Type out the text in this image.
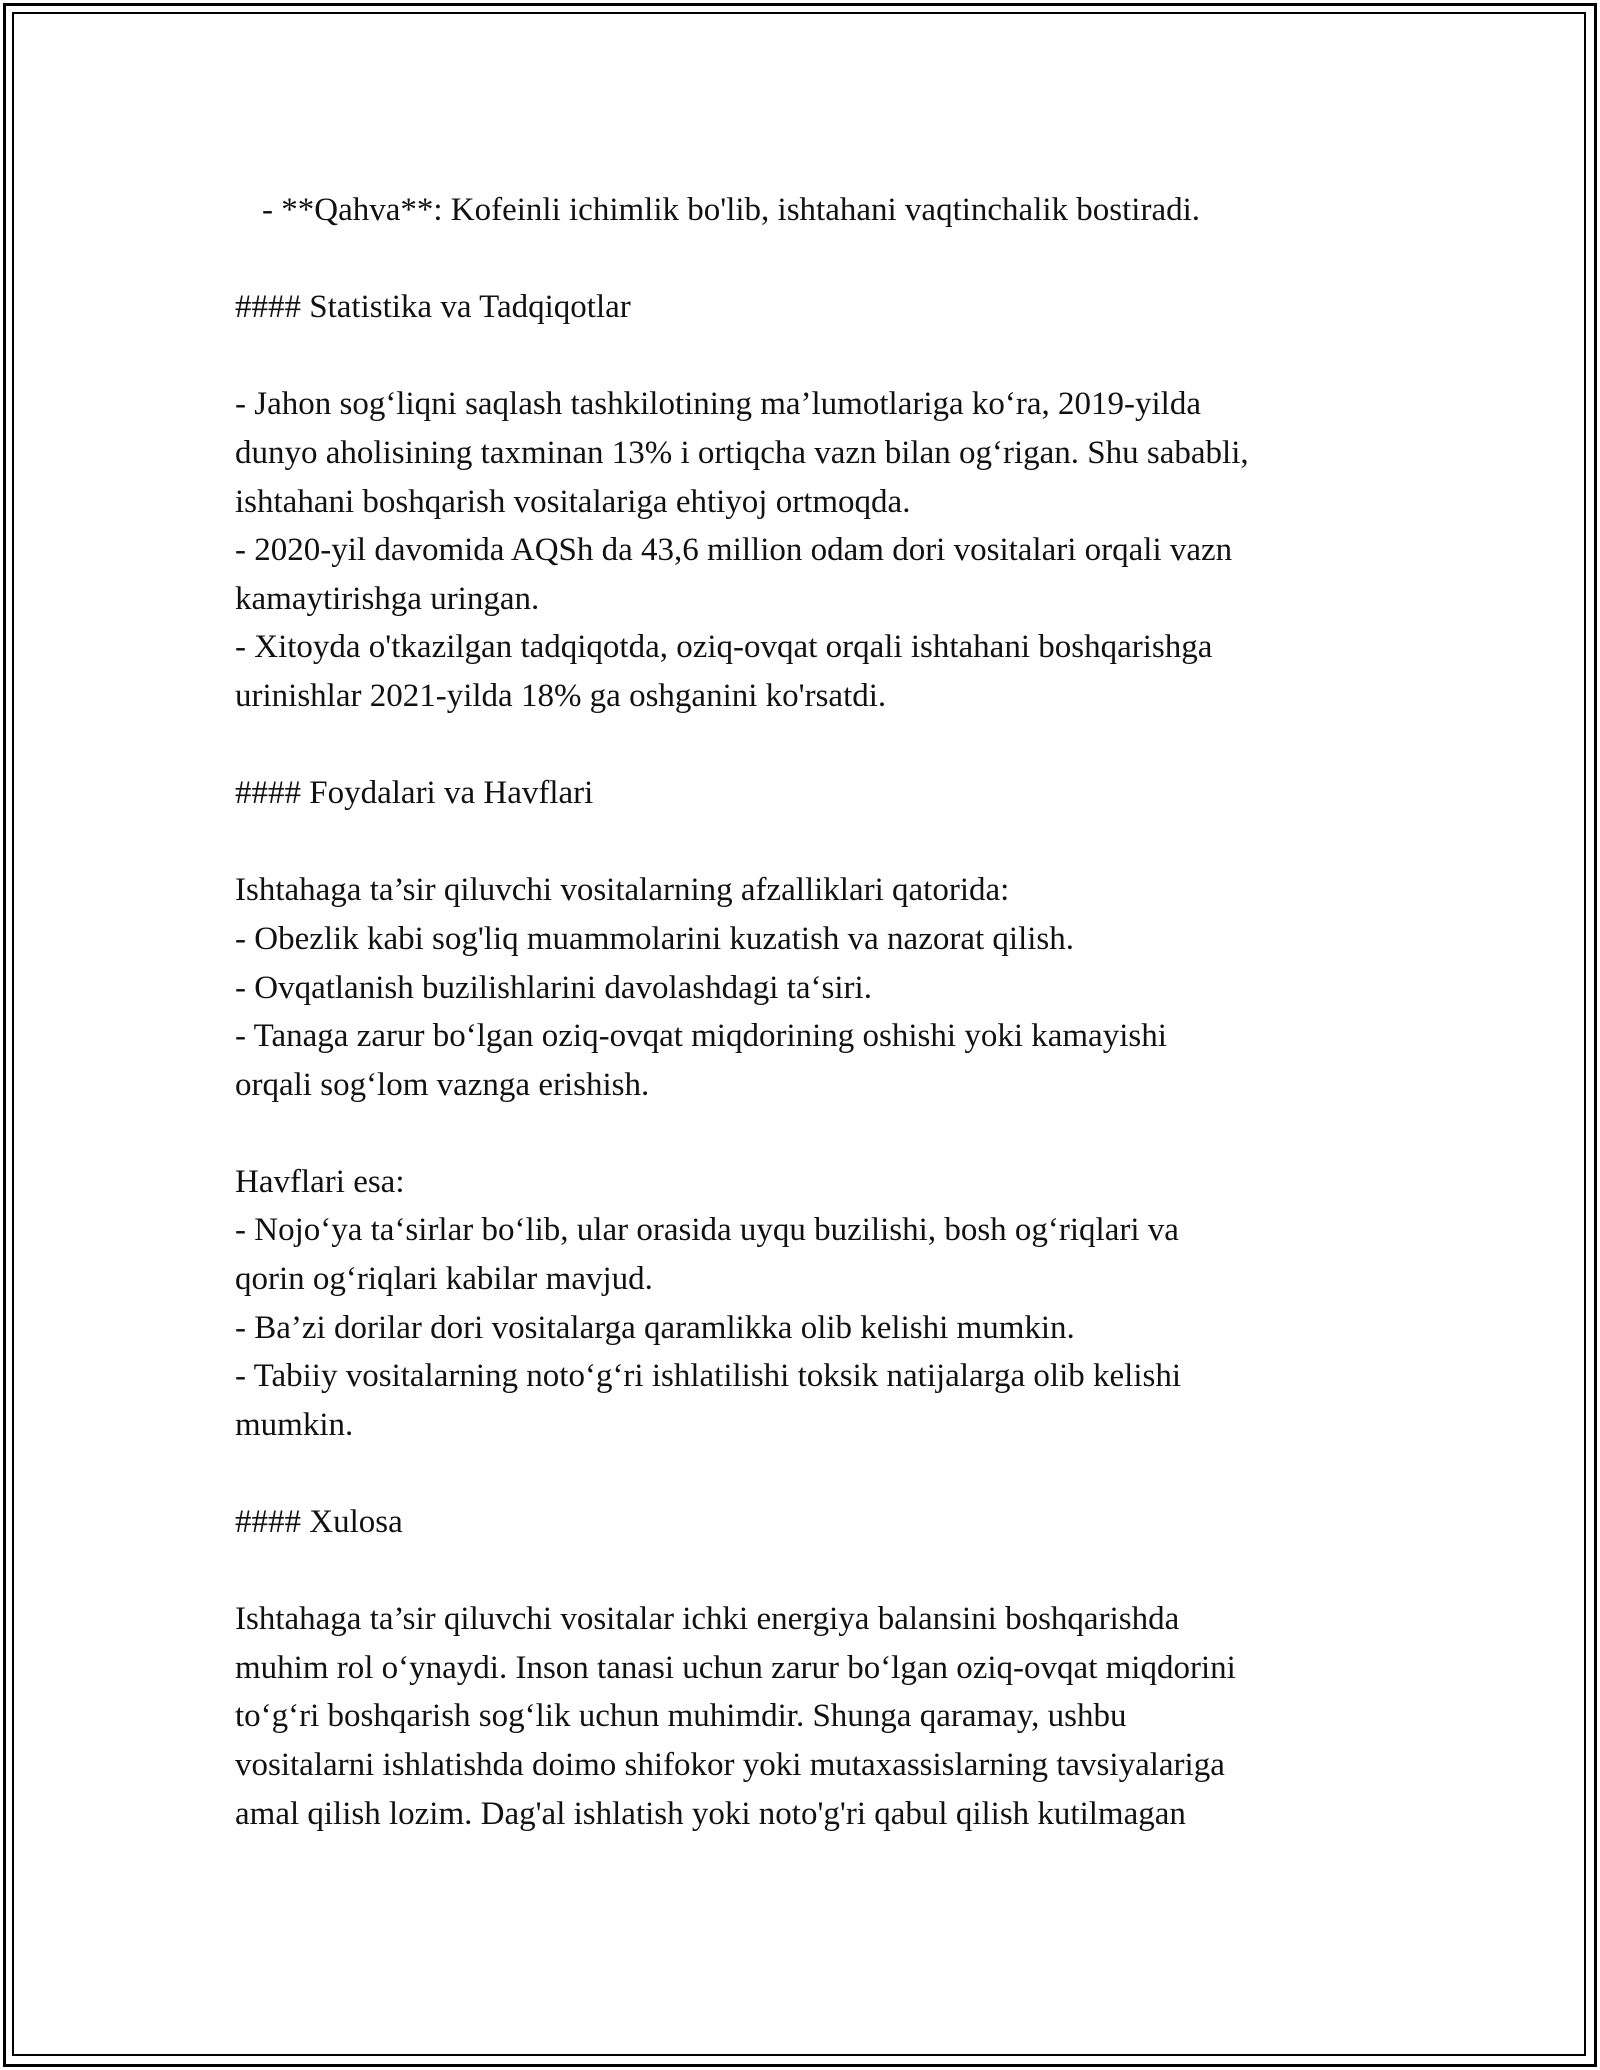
- **Qahva**: Kofeinli ichimlik bo'lib, ishtahani vaqtinchalik bostiradi.
#### Statistika va Tadqiqotlar
- Jahon sog‘liqni saqlash tashkilotining ma’lumotlariga ko‘ra, 2019-yilda
dunyo aholisining taxminan 13% i ortiqcha vazn bilan og‘rigan. Shu sababli,
ishtahani boshqarish vositalariga ehtiyoj ortmoqda.
- 2020-yil davomida AQSh da 43,6 million odam dori vositalari orqali vazn
kamaytirishga uringan.
- Xitoyda o'tkazilgan tadqiqotda, oziq-ovqat orqali ishtahani boshqarishga
urinishlar 2021-yilda 18% ga oshganini ko'rsatdi.
#### Foydalari va Havflari
Ishtahaga ta’sir qiluvchi vositalarning afzalliklari qatorida:
- Obezlik kabi sog'liq muammolarini kuzatish va nazorat qilish.
- Ovqatlanish buzilishlarini davolashdagi ta‘siri.
- Tanaga zarur bo‘lgan oziq-ovqat miqdorining oshishi yoki kamayishi
orqali sog‘lom vaznga erishish.
Havflari esa:
- Nojo‘ya ta‘sirlar bo‘lib, ular orasida uyqu buzilishi, bosh og‘riqlari va
qorin og‘riqlari kabilar mavjud.
- Ba’zi dorilar dori vositalarga qaramlikka olib kelishi mumkin.
- Tabiiy vositalarning noto‘g‘ri ishlatilishi toksik natijalarga olib kelishi
mumkin.
#### Xulosa
Ishtahaga ta’sir qiluvchi vositalar ichki energiya balansini boshqarishda
muhim rol o‘ynaydi. Inson tanasi uchun zarur bo‘lgan oziq-ovqat miqdorini
to‘g‘ri boshqarish sog‘lik uchun muhimdir. Shunga qaramay, ushbu
vositalarni ishlatishda doimo shifokor yoki mutaxassislarning tavsiyalariga
amal qilish lozim. Dag'al ishlatish yoki noto'g'ri qabul qilish kutilmagan
